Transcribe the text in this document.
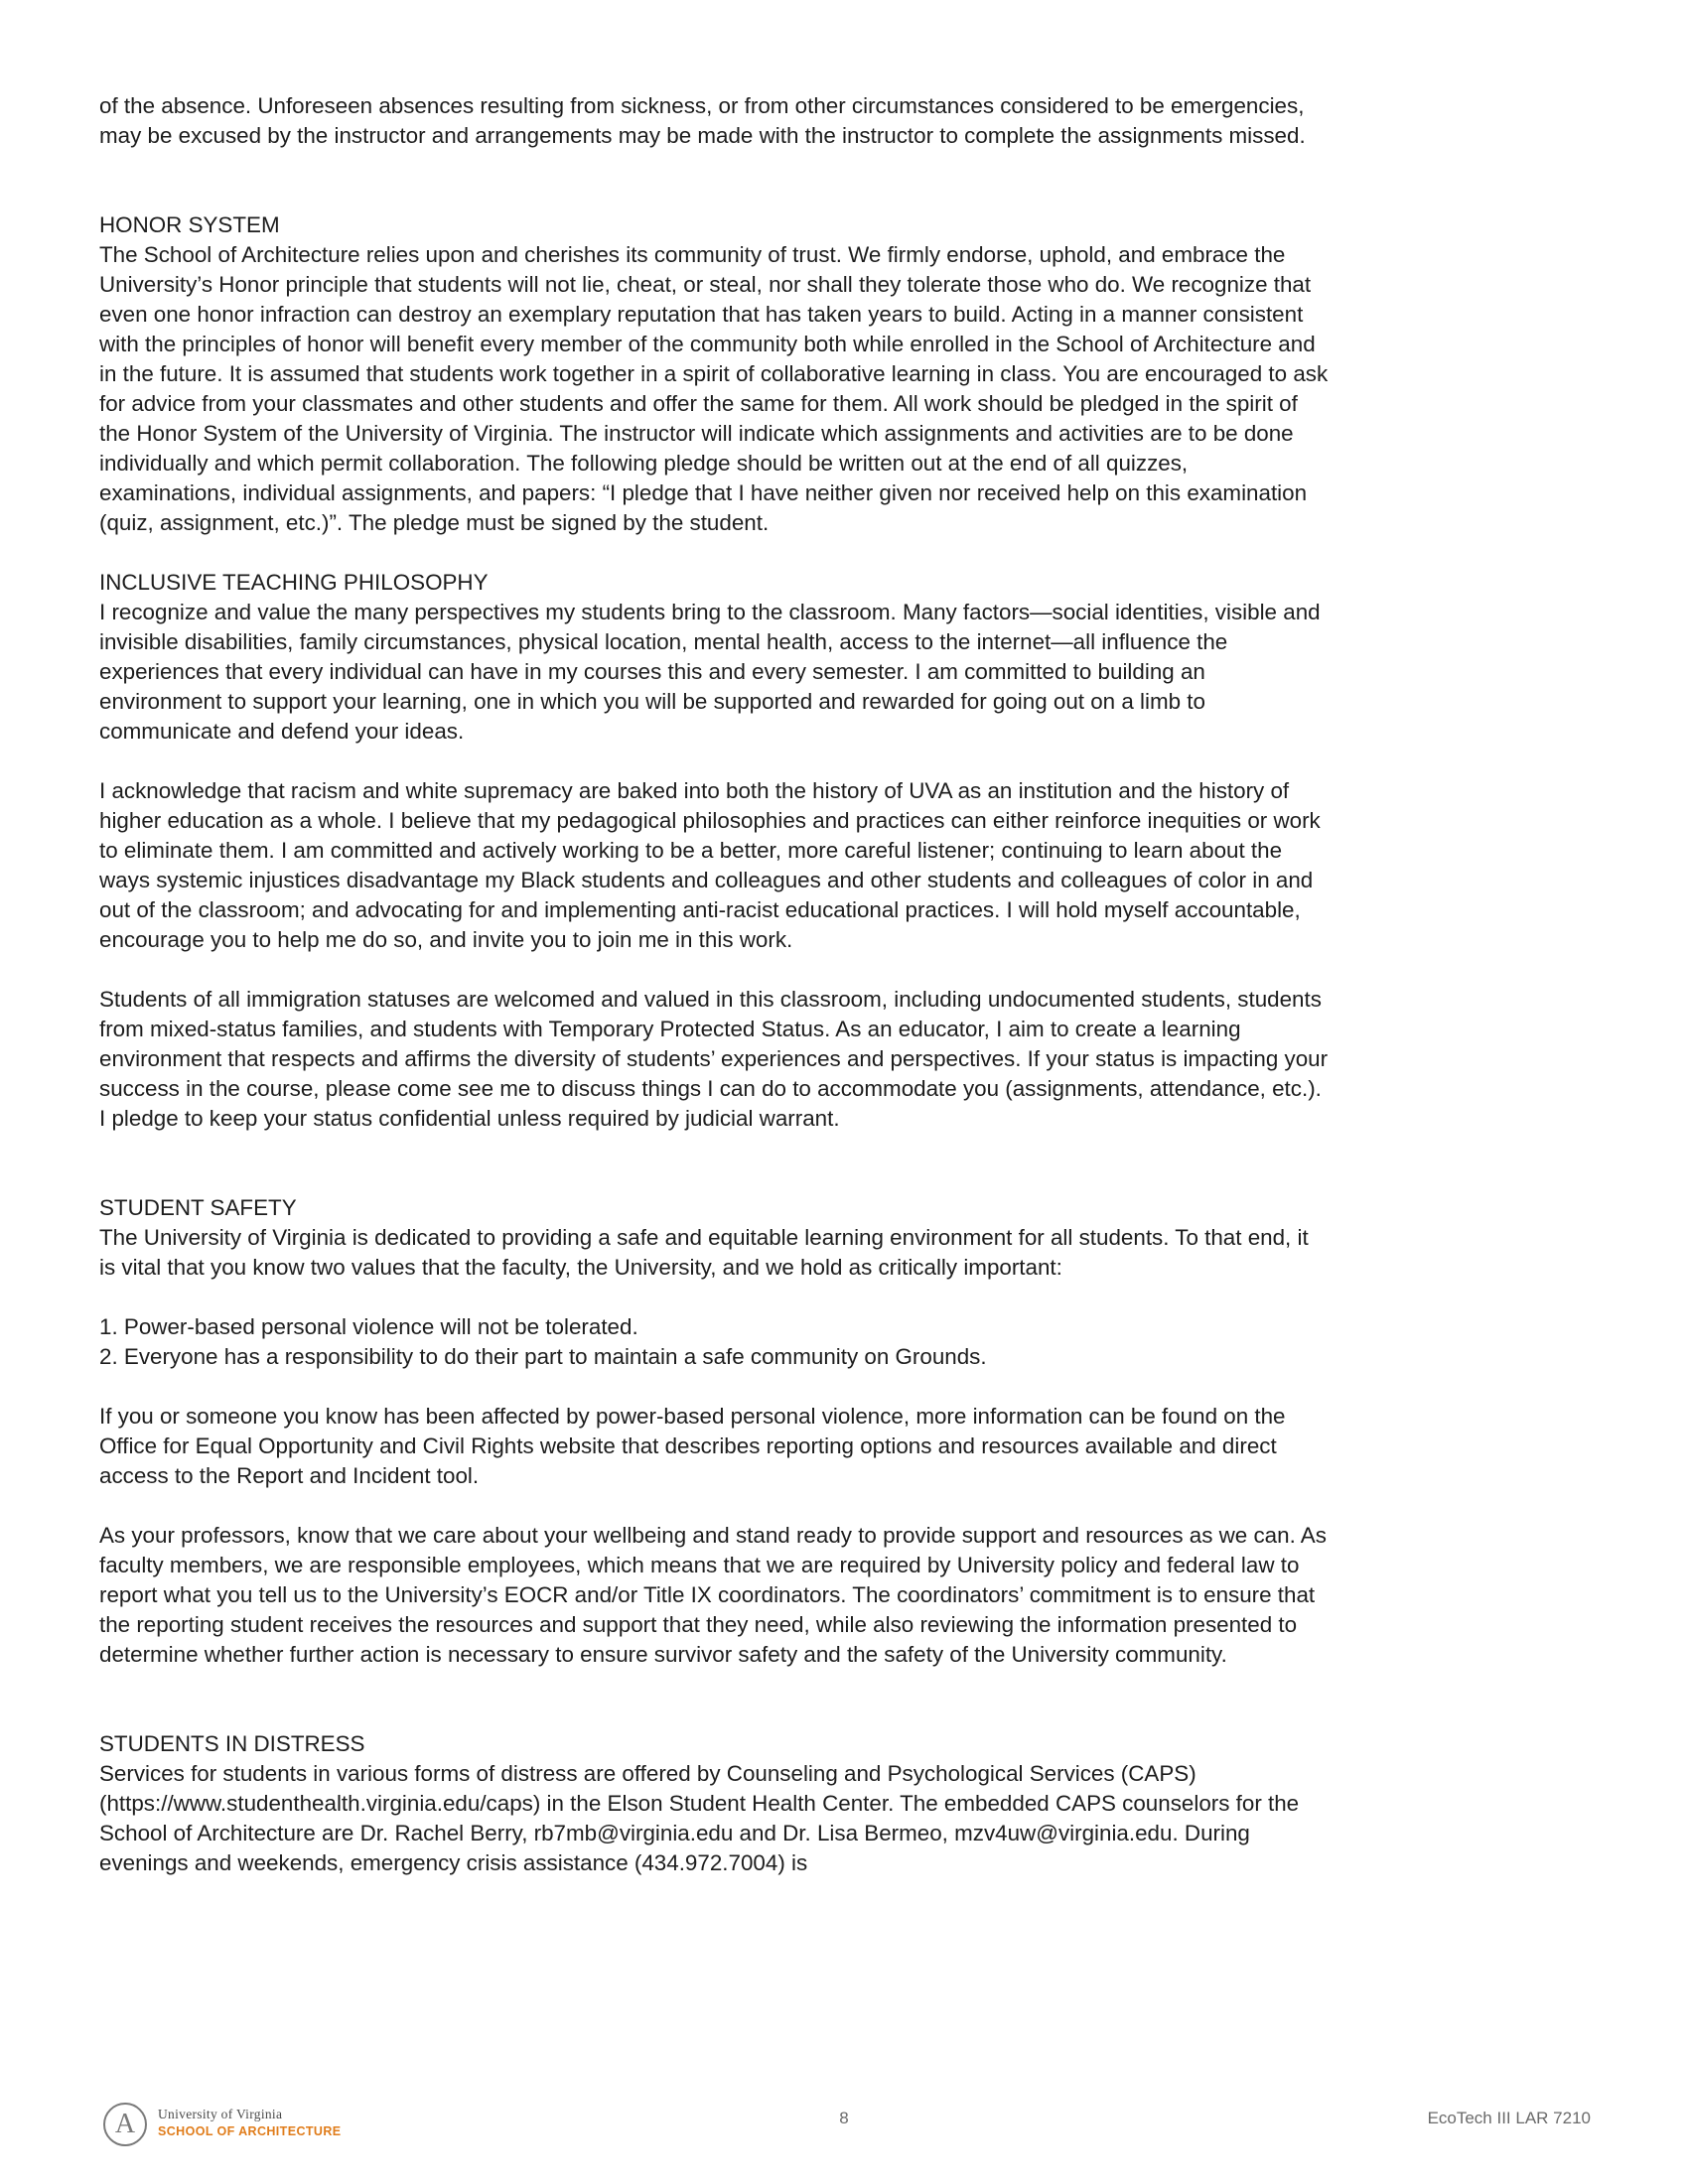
of the absence. Unforeseen absences resulting from sickness, or from other circumstances considered to be emergencies, may be excused by the instructor and arrangements may be made with the instructor to complete the assignments missed.

HONOR SYSTEM

The School of Architecture relies upon and cherishes its community of trust. We firmly endorse, uphold, and embrace the University’s Honor principle that students will not lie, cheat, or steal, nor shall they tolerate those who do. We recognize that even one honor infraction can destroy an exemplary reputation that has taken years to build. Acting in a manner consistent with the principles of honor will benefit every member of the community both while enrolled in the School of Architecture and in the future. It is assumed that students work together in a spirit of collaborative learning in class. You are encouraged to ask for advice from your classmates and other students and offer the same for them. All work should be pledged in the spirit of the Honor System of the University of Virginia. The instructor will indicate which assignments and activities are to be done individually and which permit collaboration. The following pledge should be written out at the end of all quizzes, examinations, individual assignments, and papers: “I pledge that I have neither given nor received help on this examination (quiz, assignment, etc.)”. The pledge must be signed by the student.

INCLUSIVE TEACHING PHILOSOPHY

I recognize and value the many perspectives my students bring to the classroom. Many factors—social identities, visible and invisible disabilities, family circumstances, physical location, mental health, access to the internet—all influence the experiences that every individual can have in my courses this and every semester. I am committed to building an environment to support your learning, one in which you will be supported and rewarded for going out on a limb to communicate and defend your ideas.

I acknowledge that racism and white supremacy are baked into both the history of UVA as an institution and the history of higher education as a whole. I believe that my pedagogical philosophies and practices can either reinforce inequities or work to eliminate them. I am committed and actively working to be a better, more careful listener; continuing to learn about the ways systemic injustices disadvantage my Black students and colleagues and other students and colleagues of color in and out of the classroom; and advocating for and implementing anti-racist educational practices. I will hold myself accountable, encourage you to help me do so, and invite you to join me in this work.

Students of all immigration statuses are welcomed and valued in this classroom, including undocumented students, students from mixed-status families, and students with Temporary Protected Status. As an educator, I aim to create a learning environment that respects and affirms the diversity of students’ experiences and perspectives. If your status is impacting your success in the course, please come see me to discuss things I can do to accommodate you (assignments, attendance, etc.). I pledge to keep your status confidential unless required by judicial warrant.

STUDENT SAFETY

The University of Virginia is dedicated to providing a safe and equitable learning environment for all students. To that end, it is vital that you know two values that the faculty, the University, and we hold as critically important:

1. Power-based personal violence will not be tolerated.

2. Everyone has a responsibility to do their part to maintain a safe community on Grounds.

If you or someone you know has been affected by power-based personal violence, more information can be found on the Office for Equal Opportunity and Civil Rights website that describes reporting options and resources available and direct access to the Report and Incident tool.

As your professors, know that we care about your wellbeing and stand ready to provide support and resources as we can. As faculty members, we are responsible employees, which means that we are required by University policy and federal law to report what you tell us to the University’s EOCR and/or Title IX coordinators. The coordinators’ commitment is to ensure that the reporting student receives the resources and support that they need, while also reviewing the information presented to determine whether further action is necessary to ensure survivor safety and the safety of the University community.

STUDENTS IN DISTRESS

Services for students in various forms of distress are offered by Counseling and Psychological Services (CAPS) (https://www.studenthealth.virginia.edu/caps) in the Elson Student Health Center. The embedded CAPS counselors for the School of Architecture are Dr. Rachel Berry, rb7mb@virginia.edu and Dr. Lisa Bermeo, mzv4uw@virginia.edu. During evenings and weekends, emergency crisis assistance (434.972.7004) is

A	University of Virginia
SCHOOL OF ARCHITECTURE
8	EcoTech III LAR 7210
